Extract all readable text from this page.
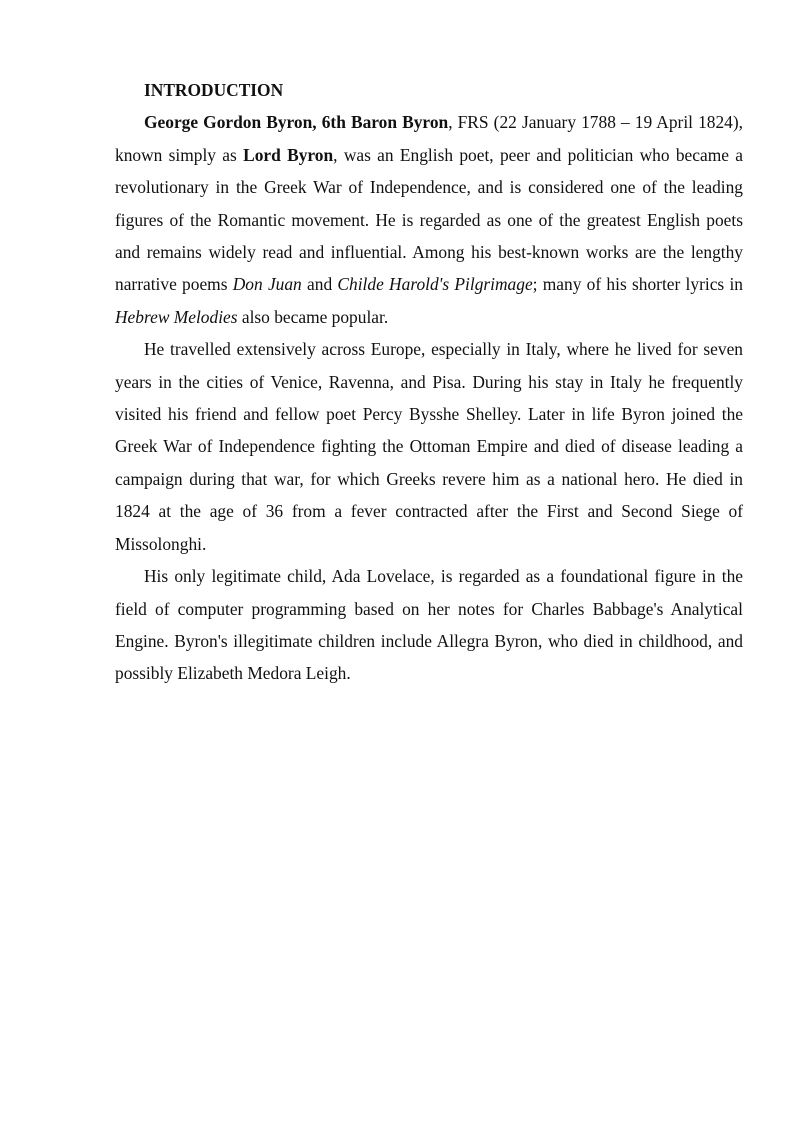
INTRODUCTION

George Gordon Byron, 6th Baron Byron, FRS (22 January 1788 – 19 April 1824), known simply as Lord Byron, was an English poet, peer and politician who became a revolutionary in the Greek War of Independence, and is considered one of the leading figures of the Romantic movement. He is regarded as one of the greatest English poets and remains widely read and influential. Among his best-known works are the lengthy narrative poems Don Juan and Childe Harold's Pilgrimage; many of his shorter lyrics in Hebrew Melodies also became popular.

He travelled extensively across Europe, especially in Italy, where he lived for seven years in the cities of Venice, Ravenna, and Pisa. During his stay in Italy he frequently visited his friend and fellow poet Percy Bysshe Shelley. Later in life Byron joined the Greek War of Independence fighting the Ottoman Empire and died of disease leading a campaign during that war, for which Greeks revere him as a national hero. He died in 1824 at the age of 36 from a fever contracted after the First and Second Siege of Missolonghi.

His only legitimate child, Ada Lovelace, is regarded as a foundational figure in the field of computer programming based on her notes for Charles Babbage's Analytical Engine. Byron's illegitimate children include Allegra Byron, who died in childhood, and possibly Elizabeth Medora Leigh.
